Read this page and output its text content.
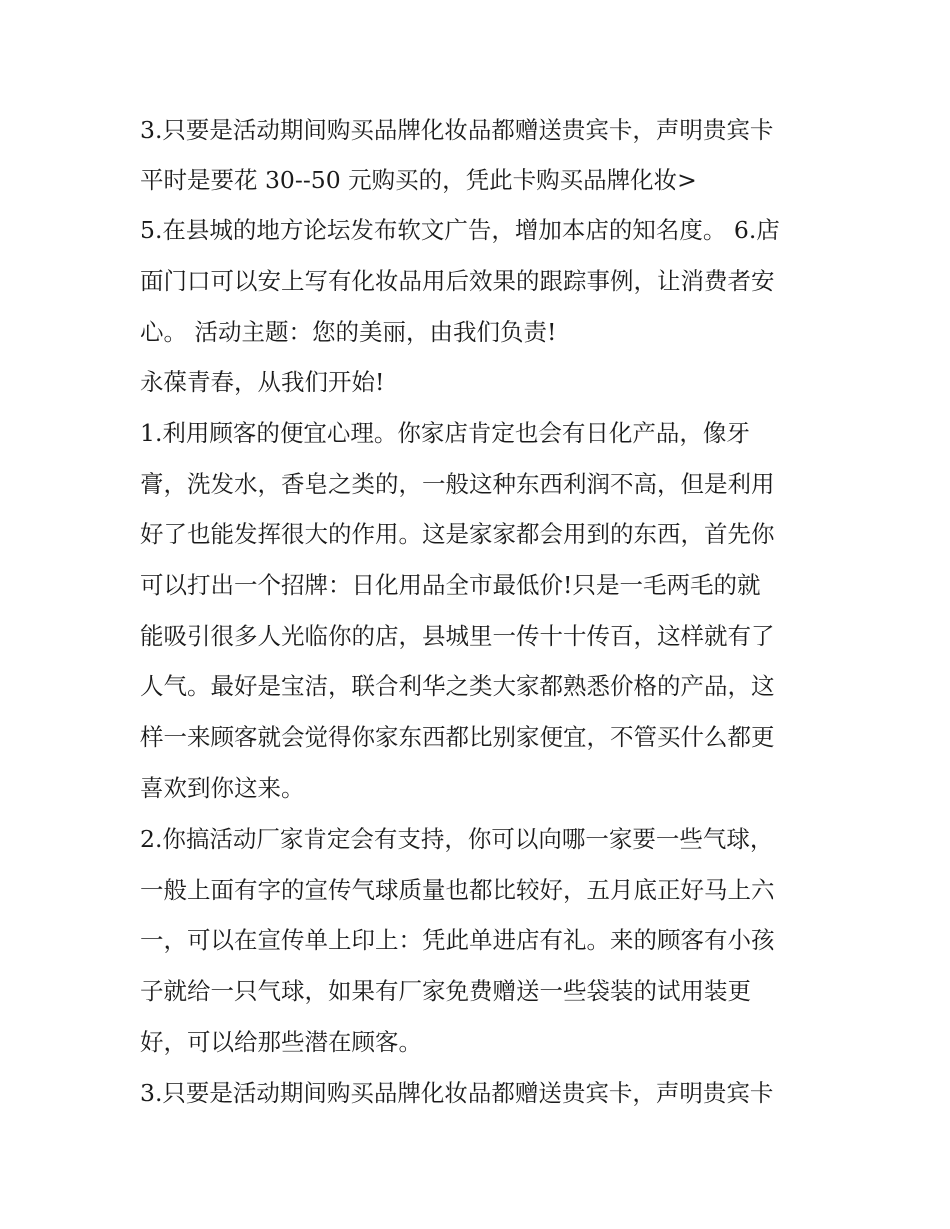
3.只要是活动期间购买品牌化妆品都赠送贵宾卡，声明贵宾卡
平时是要花 30--50 元购买的，凭此卡购买品牌化妆>
5.在县城的地方论坛发布软文广告，增加本店的知名度。 6.店
面门口可以安上写有化妆品用后效果的跟踪事例，让消费者安
心。 活动主题：您的美丽，由我们负责!
永葆青春，从我们开始!
1.利用顾客的便宜心理。你家店肯定也会有日化产品，像牙
膏，洗发水，香皂之类的，一般这种东西利润不高，但是利用
好了也能发挥很大的作用。这是家家都会用到的东西，首先你
可以打出一个招牌：日化用品全市最低价!只是一毛两毛的就
能吸引很多人光临你的店，县城里一传十十传百，这样就有了
人气。最好是宝洁，联合利华之类大家都熟悉价格的产品，这
样一来顾客就会觉得你家东西都比别家便宜，不管买什么都更
喜欢到你这来。
2.你搞活动厂家肯定会有支持，你可以向哪一家要一些气球，
一般上面有字的宣传气球质量也都比较好，五月底正好马上六
一，可以在宣传单上印上：凭此单进店有礼。来的顾客有小孩
子就给一只气球，如果有厂家免费赠送一些袋装的试用装更
好，可以给那些潜在顾客。
3.只要是活动期间购买品牌化妆品都赠送贵宾卡，声明贵宾卡
